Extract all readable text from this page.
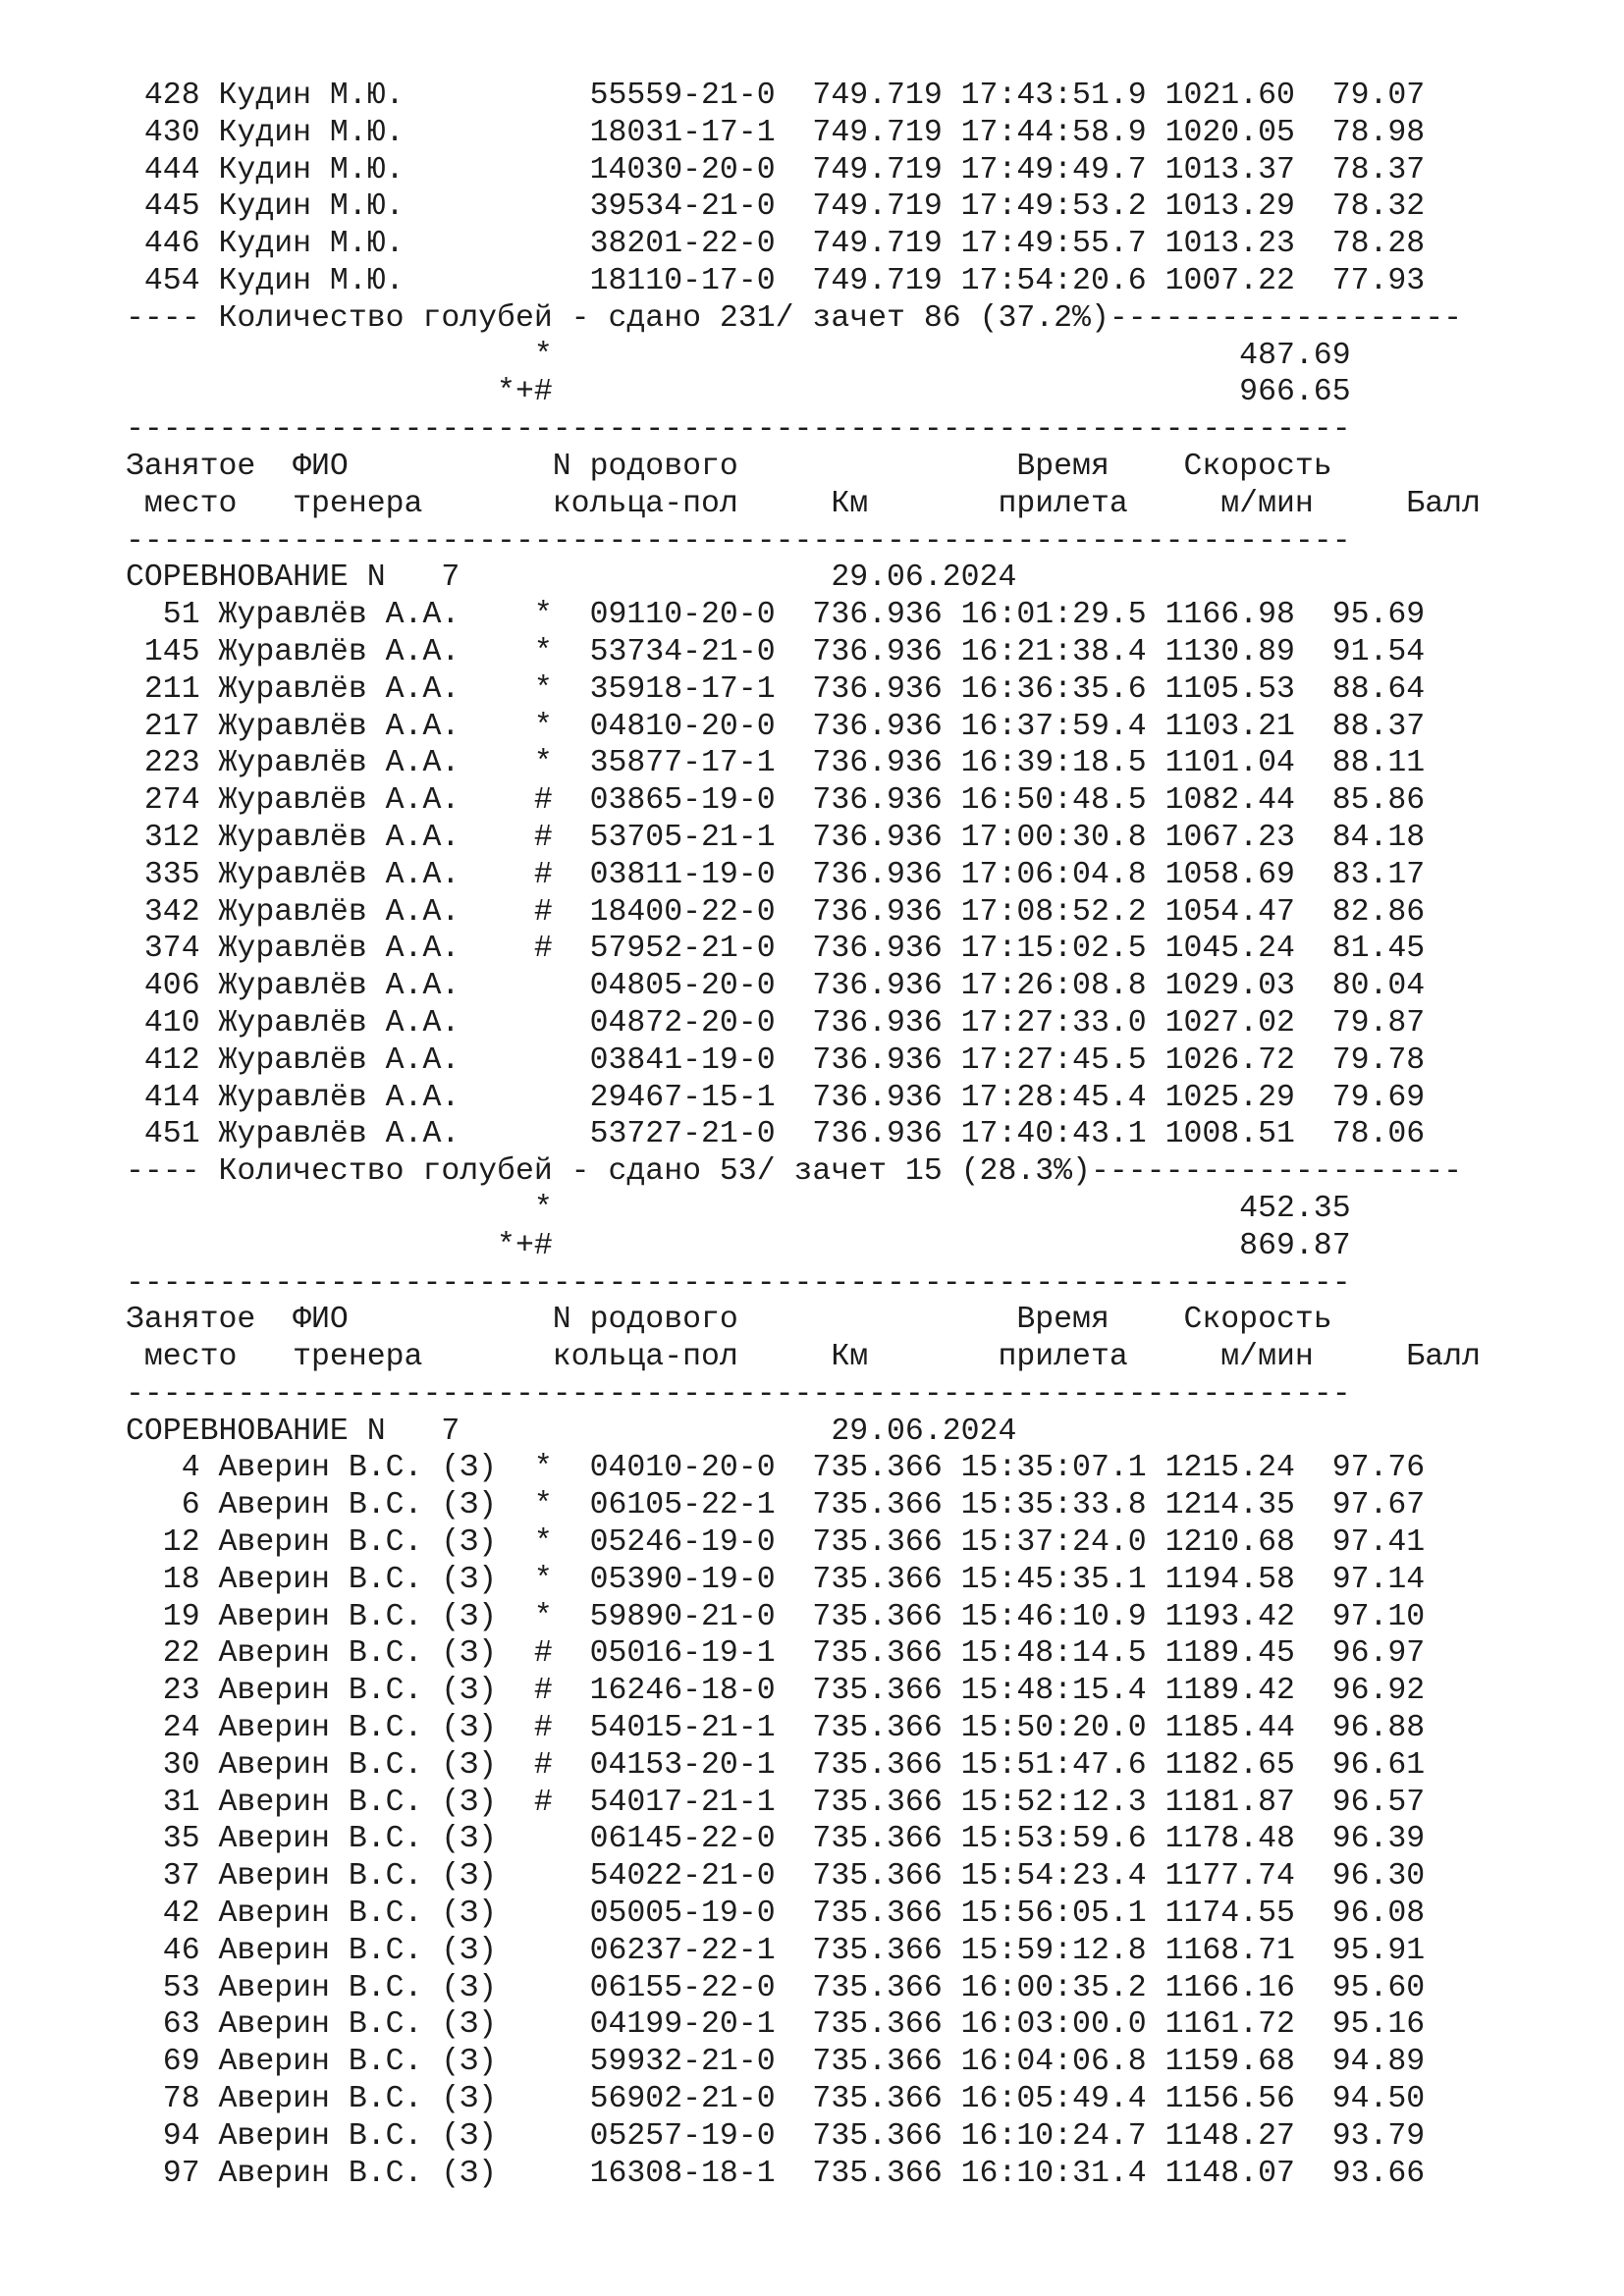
428 Кудин М.Ю.          55559-21-0  749.719 17:43:51.9 1021.60  79.07
430 Кудин М.Ю.          18031-17-1  749.719 17:44:58.9 1020.05  78.98
444 Кудин М.Ю.          14030-20-0  749.719 17:49:49.7 1013.37  78.37
445 Кудин М.Ю.          39534-21-0  749.719 17:49:53.2 1013.29  78.32
446 Кудин М.Ю.          38201-22-0  749.719 17:49:55.7 1013.23  78.28
454 Кудин М.Ю.          18110-17-0  749.719 17:54:20.6 1007.22  77.93
---- Количество голубей - сдано 231/ зачет 86 (37.2%)-------------------
*                                     487.69
*+#                                     966.65
------------------------------------------------------------------
Занятое  ФИО           N родового               Время    Скорость
место   тренера       кольца-пол     Км       прилета     м/мин     Балл
------------------------------------------------------------------
СОРЕВНОВАНИЕ N   7                    29.06.2024
51 Журавлёв А.А.    *  09110-20-0  736.936 16:01:29.5 1166.98  95.69
145 Журавлёв А.А.    *  53734-21-0  736.936 16:21:38.4 1130.89  91.54
211 Журавлёв А.А.    *  35918-17-1  736.936 16:36:35.6 1105.53  88.64
217 Журавлёв А.А.    *  04810-20-0  736.936 16:37:59.4 1103.21  88.37
223 Журавлёв А.А.    *  35877-17-1  736.936 16:39:18.5 1101.04  88.11
274 Журавлёв А.А.    #  03865-19-0  736.936 16:50:48.5 1082.44  85.86
312 Журавлёв А.А.    #  53705-21-1  736.936 17:00:30.8 1067.23  84.18
335 Журавлёв А.А.    #  03811-19-0  736.936 17:06:04.8 1058.69  83.17
342 Журавлёв А.А.    #  18400-22-0  736.936 17:08:52.2 1054.47  82.86
374 Журавлёв А.А.    #  57952-21-0  736.936 17:15:02.5 1045.24  81.45
406 Журавлёв А.А.       04805-20-0  736.936 17:26:08.8 1029.03  80.04
410 Журавлёв А.А.       04872-20-0  736.936 17:27:33.0 1027.02  79.87
412 Журавлёв А.А.       03841-19-0  736.936 17:27:45.5 1026.72  79.78
414 Журавлёв А.А.       29467-15-1  736.936 17:28:45.4 1025.29  79.69
451 Журавлёв А.А.       53727-21-0  736.936 17:40:43.1 1008.51  78.06
---- Количество голубей - сдано 53/ зачет 15 (28.3%)--------------------
*                                     452.35
*+#                                     869.87
------------------------------------------------------------------
Занятое  ФИО           N родового               Время    Скорость
место   тренера       кольца-пол     Км       прилета     м/мин     Балл
------------------------------------------------------------------
СОРЕВНОВАНИЕ N   7                    29.06.2024
4 Аверин В.С. (З)  *  04010-20-0  735.366 15:35:07.1 1215.24  97.76
6 Аверин В.С. (З)  *  06105-22-1  735.366 15:35:33.8 1214.35  97.67
12 Аверин В.С. (З)  *  05246-19-0  735.366 15:37:24.0 1210.68  97.41
18 Аверин В.С. (З)  *  05390-19-0  735.366 15:45:35.1 1194.58  97.14
19 Аверин В.С. (З)  *  59890-21-0  735.366 15:46:10.9 1193.42  97.10
22 Аверин В.С. (З)  #  05016-19-1  735.366 15:48:14.5 1189.45  96.97
23 Аверин В.С. (З)  #  16246-18-0  735.366 15:48:15.4 1189.42  96.92
24 Аверин В.С. (З)  #  54015-21-1  735.366 15:50:20.0 1185.44  96.88
30 Аверин В.С. (З)  #  04153-20-1  735.366 15:51:47.6 1182.65  96.61
31 Аверин В.С. (З)  #  54017-21-1  735.366 15:52:12.3 1181.87  96.57
35 Аверин В.С. (З)     06145-22-0  735.366 15:53:59.6 1178.48  96.39
37 Аверин В.С. (З)     54022-21-0  735.366 15:54:23.4 1177.74  96.30
42 Аверин В.С. (З)     05005-19-0  735.366 15:56:05.1 1174.55  96.08
46 Аверин В.С. (З)     06237-22-1  735.366 15:59:12.8 1168.71  95.91
53 Аверин В.С. (З)     06155-22-0  735.366 16:00:35.2 1166.16  95.60
63 Аверин В.С. (З)     04199-20-1  735.366 16:03:00.0 1161.72  95.16
69 Аверин В.С. (З)     59932-21-0  735.366 16:04:06.8 1159.68  94.89
78 Аверин В.С. (З)     56902-21-0  735.366 16:05:49.4 1156.56  94.50
94 Аверин В.С. (З)     05257-19-0  735.366 16:10:24.7 1148.27  93.79
97 Аверин В.С. (З)     16308-18-1  735.366 16:10:31.4 1148.07  93.66
